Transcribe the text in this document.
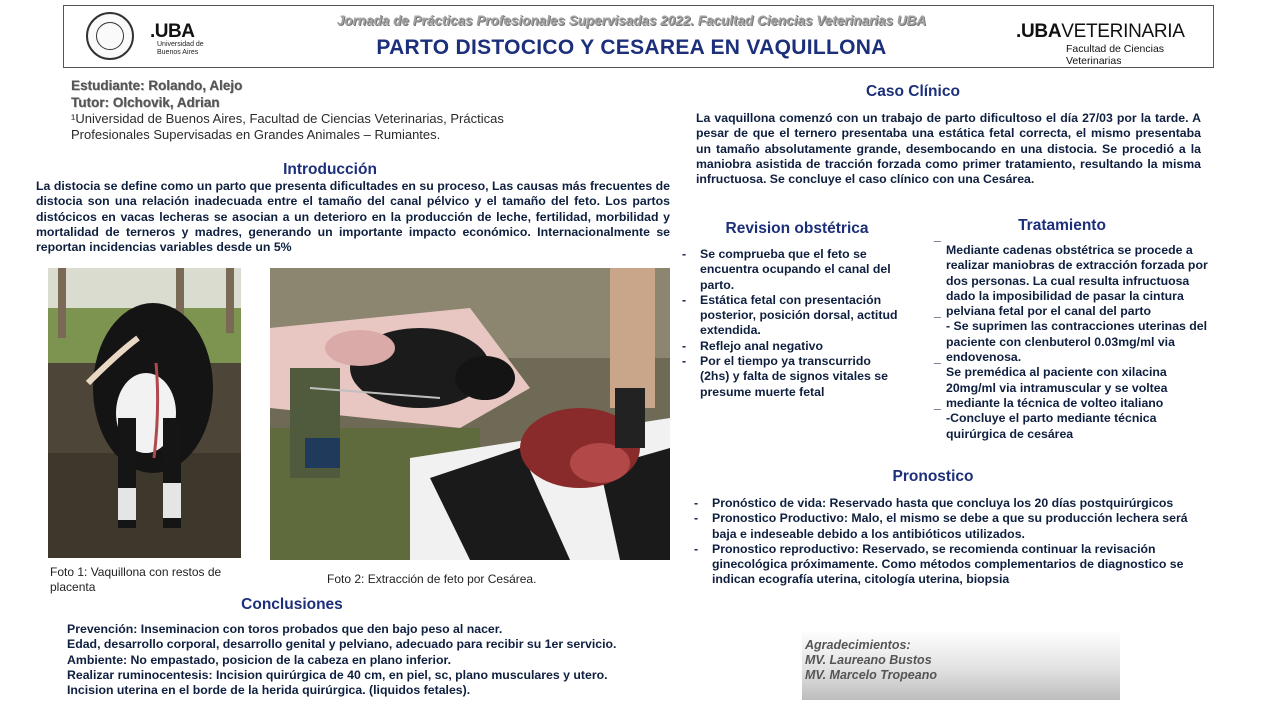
.UBA
Universidad de Buenos Aires
Jornada de Prácticas Profesionales Supervisadas 2022. Facultad Ciencias Veterinarias UBA
PARTO DISTOCICO Y CESAREA EN VAQUILLONA
.UBAVETERINARIA
Facultad de Ciencias Veterinarias
Estudiante: Rolando, Alejo
Tutor: Olchovik, Adrian
¹Universidad de Buenos Aires, Facultad de Ciencias Veterinarias, Prácticas Profesionales Supervisadas en Grandes Animales – Rumiantes.
Introducción
La distocia se define como un parto que presenta dificultades en su proceso, Las causas más frecuentes de distocia son una relación inadecuada entre el tamaño del canal pélvico y el tamaño del feto. Los partos distócicos en vacas lecheras se asocian a un deterioro en la producción de leche, fertilidad, morbilidad y mortalidad de terneros y madres, generando un importante impacto económico. Internacionalmente se reportan incidencias variables desde un 5%
Foto 1: Vaquillona con restos de placenta
Foto 2: Extracción de feto por Cesárea.
Conclusiones
Prevención: Inseminacion con toros probados que den bajo peso al nacer.
Edad, desarrollo corporal, desarrollo genital y pelviano, adecuado para recibir su 1er servicio.
Ambiente: No empastado, posicion de la cabeza en plano inferior.
Realizar ruminocentesis: Incision quirúrgica de 40 cm, en piel, sc, plano musculares y utero.
Incision uterina en el borde de la herida quirúrgica. (liquidos fetales).
Caso Clínico
La vaquillona comenzó con un trabajo de parto dificultoso el día 27/03 por la tarde. A pesar de que el ternero presentaba una estática fetal correcta, el mismo presentaba un tamaño absolutamente grande, desembocando en una distocia. Se procedió a la maniobra asistida de tracción forzada como primer tratamiento, resultando la misma infructuosa. Se concluye el caso clínico con una Cesárea.
Revision obstétrica
- Se comprueba que el feto se encuentra ocupando el canal del parto.
- Estática fetal con presentación posterior, posición dorsal, actitud extendida.
- Reflejo anal negativo
- Por el tiempo ya transcurrido (2hs) y falta de signos vitales se presume muerte fetal
Tratamiento
¯ Mediante cadenas obstétrica se procede a realizar maniobras de extracción forzada por dos personas. La cual resulta infructuosa dado la imposibilidad de pasar la cintura pelviana fetal por el canal del parto
¯ - Se suprimen las contracciones uterinas del paciente con clenbuterol 0.03mg/ml via endovenosa.
¯ Se premédica al paciente con xilacina 20mg/ml via intramuscular y se voltea mediante la técnica de volteo italiano
¯ -Concluye el parto mediante técnica quirúrgica de cesárea
Pronostico
- Pronóstico de vida: Reservado hasta que concluya los 20 días postquirúrgicos
- Pronostico Productivo: Malo, el mismo se debe a que su producción lechera será baja e indeseable debido a los antibióticos utilizados.
- Pronostico reproductivo: Reservado, se recomienda continuar la revisación ginecológica próximamente. Como métodos complementarios de diagnostico se indican ecografía uterina, citología uterina, biopsia
Agradecimientos:
MV. Laureano Bustos
MV. Marcelo Tropeano
